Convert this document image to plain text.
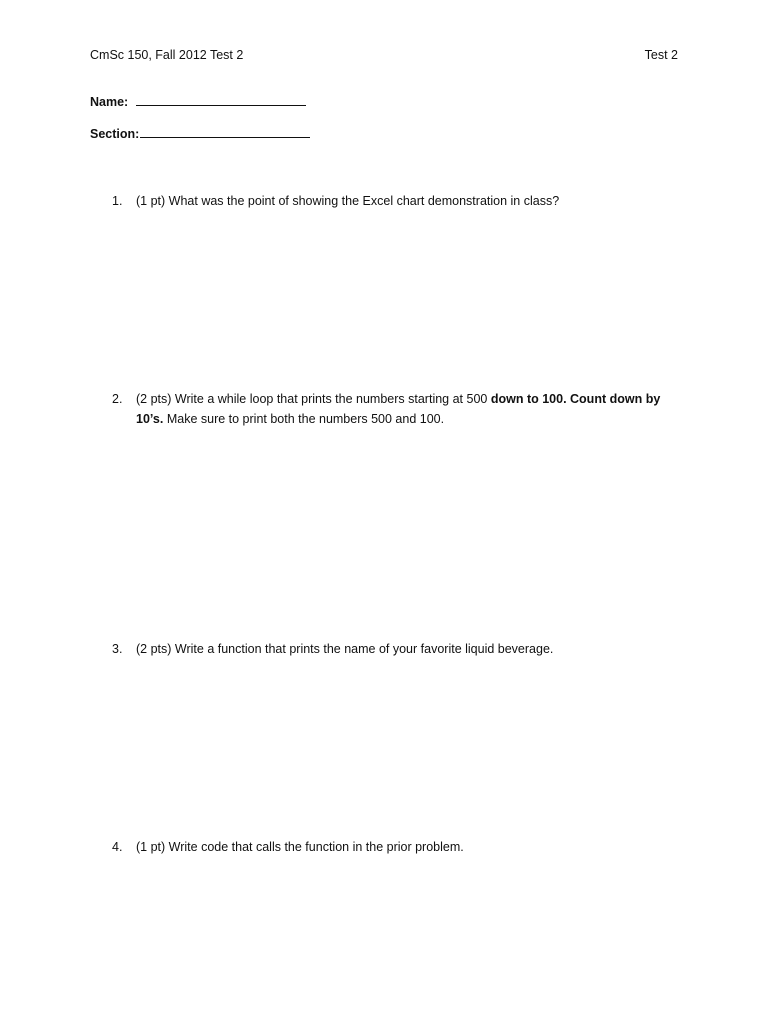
CmSc 150, Fall 2012 Test 2	Test 2
Name:
Section:
1.	(1 pt) What was the point of showing the Excel chart demonstration in class?
2.	(2 pts) Write a while loop that prints the numbers starting at 500 down to 100. Count down by 10’s. Make sure to print both the numbers 500 and 100.
3.	(2 pts) Write a function that prints the name of your favorite liquid beverage.
4.	(1 pt) Write code that calls the function in the prior problem.
